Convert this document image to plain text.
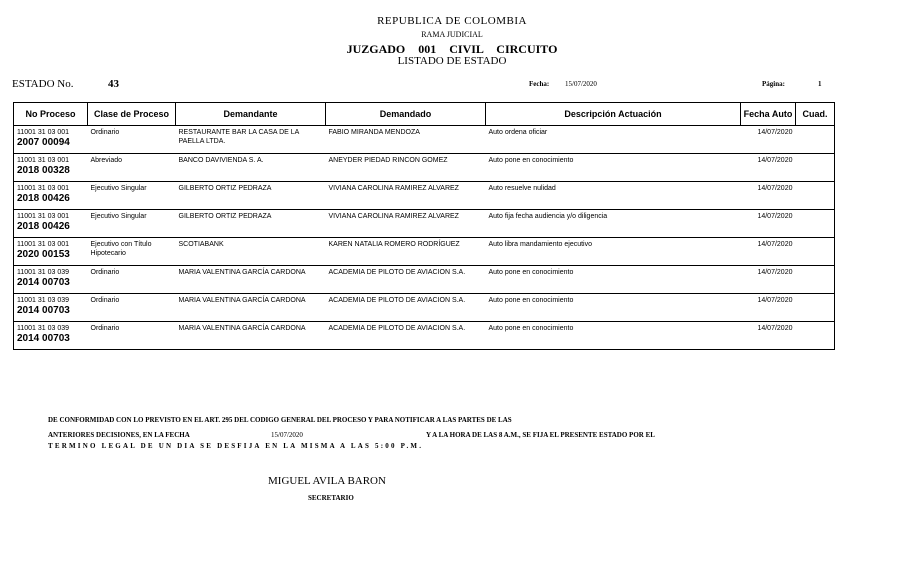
REPUBLICA DE COLOMBIA
RAMA JUDICIAL
JUZGADO 001 CIVIL CIRCUITO
LISTADO DE ESTADO
ESTADO No.	43	Fecha: 15/07/2020	Página:	1
No Proceso	Clase de Proceso	Demandante	Demandado	Descripción Actuación	Fecha Auto	Cuad.

11001 31 03 001
2007 00094	Ordinario	RESTAURANTE BAR LA CASA DE LA PAELLA LTDA.	FABIO MIRANDA MENDOZA	Auto ordena oficiar	14/07/2020	

11001 31 03 001
2018 00328	Abreviado	BANCO DAVIVIENDA S. A.	ANEYDER PIEDAD RINCON GOMEZ	Auto pone en conocimiento	14/07/2020	

11001 31 03 001
2018 00426	Ejecutivo Singular	GILBERTO ORTIZ PEDRAZA	VIVIANA CAROLINA RAMIREZ ALVAREZ	Auto resuelve nulidad	14/07/2020	

11001 31 03 001
2018 00426	Ejecutivo Singular	GILBERTO ORTIZ PEDRAZA	VIVIANA CAROLINA RAMIREZ ALVAREZ	Auto fija fecha audiencia y/o diligencia	14/07/2020	

11001 31 03 001
2020 00153	Ejecutivo con Título Hipotecario	SCOTIABANK	KAREN NATALIA ROMERO RODRÍGUEZ	Auto libra mandamiento ejecutivo	14/07/2020	

11001 31 03 039
2014 00703	Ordinario	MARIA VALENTINA GARCÍA CARDONA	ACADEMIA DE PILOTO DE AVIACION S.A.	Auto pone en conocimiento	14/07/2020	

11001 31 03 039
2014 00703	Ordinario	MARIA VALENTINA GARCÍA CARDONA	ACADEMIA DE PILOTO DE AVIACION S.A.	Auto pone en conocimiento	14/07/2020	

11001 31 03 039
2014 00703	Ordinario	MARIA VALENTINA GARCÍA CARDONA	ACADEMIA DE PILOTO DE AVIACION S.A.	Auto pone en conocimiento	14/07/2020	
DE CONFORMIDAD CON LO PREVISTO EN EL ART. 295 DEL CODIGO GENERAL DEL PROCESO Y PARA NOTIFICAR A LAS PARTES DE LAS
ANTERIORES DECISIONES, EN LA FECHA	15/07/2020	Y A LA HORA DE LAS 8 A.M., SE FIJA EL PRESENTE ESTADO POR EL
TERMINO LEGAL DE UN DIA SE DESFIJA EN LA MISMA A LAS 5:00 P.M.
MIGUEL AVILA BARON
SECRETARIO
